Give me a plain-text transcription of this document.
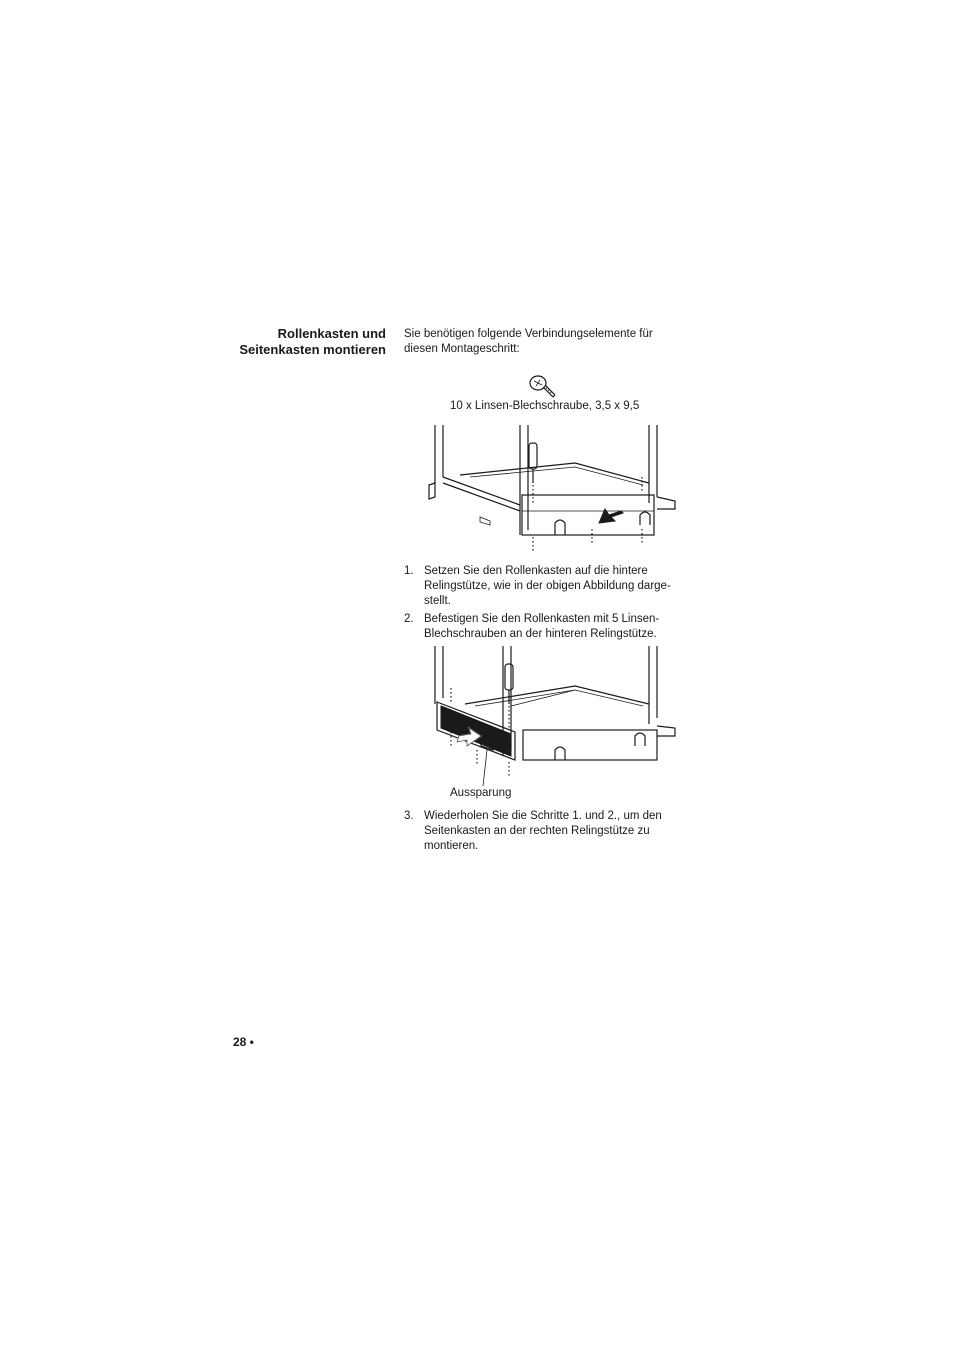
Rollenkasten und
Seitenkasten montieren
Sie benötigen folgende Verbindungselemente für diesen Montageschritt:
10 x Linsen-Blechschraube, 3,5 x 9,5
1. Setzen Sie den Rollenkasten auf die hintere
Relingstütze, wie in der obigen Abbildung darge-
stellt.
2. Befestigen Sie den Rollenkasten mit 5 Linsen-
Blechschrauben an der hinteren Relingstütze.
Aussparung
3. Wiederholen Sie die Schritte 1. und 2., um den
Seitenkasten an der rechten Relingstütze zu
montieren.
28 •
